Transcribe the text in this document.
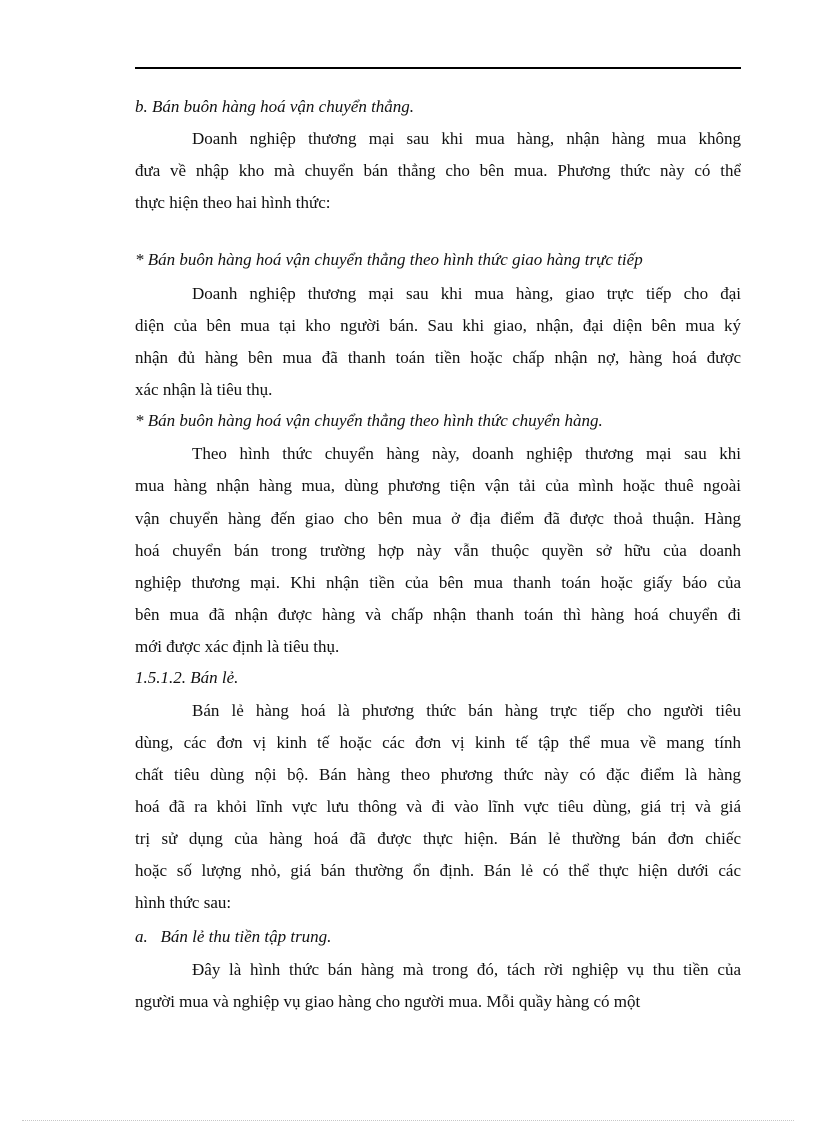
b. Bán buôn hàng hoá vận chuyển thẳng.
Doanh nghiệp thương mại sau khi mua hàng, nhận hàng mua không
đưa về nhập kho mà chuyển bán thẳng cho bên mua. Phương thức này có thể
thực hiện theo hai hình thức:
* Bán buôn hàng hoá vận chuyển thẳng theo hình thức giao hàng trực tiếp
Doanh nghiệp thương mại sau khi mua hàng, giao trực tiếp cho đại
diện của bên mua tại kho người bán. Sau khi giao, nhận, đại diện bên mua ký
nhận đủ hàng bên mua đã thanh toán tiền hoặc chấp nhận nợ, hàng hoá được
xác nhận là tiêu thụ.
* Bán buôn hàng hoá vận chuyển thẳng theo hình thức chuyển hàng.
Theo hình thức chuyển hàng này, doanh nghiệp thương mại sau khi
mua hàng nhận hàng mua, dùng phương tiện vận tải của mình hoặc thuê ngoài
vận chuyển hàng đến giao cho bên mua ở địa điểm đã được thoả thuận. Hàng
hoá chuyển bán trong trường hợp này vẫn thuộc quyền sở hữu của doanh
nghiệp thương mại. Khi nhận tiền của bên mua thanh toán hoặc giấy báo của
bên mua đã nhận được hàng và chấp nhận thanh toán thì hàng hoá chuyển đi
mới được xác định là tiêu thụ.
1.5.1.2. Bán lẻ.
Bán lẻ hàng hoá là phương thức bán hàng trực tiếp cho người tiêu
dùng, các đơn vị kinh tế hoặc các đơn vị kinh tế tập thể mua về mang tính
chất tiêu dùng nội bộ. Bán hàng theo phương thức này có đặc điểm là hàng
hoá đã ra khỏi lĩnh vực lưu thông và đi vào lĩnh vực tiêu dùng, giá trị và giá
trị sử dụng của hàng hoá đã được thực hiện. Bán lẻ thường bán đơn chiếc
hoặc số lượng nhỏ, giá bán thường ổn định. Bán lẻ có thể thực hiện dưới các
hình thức sau:
a.   Bán lẻ thu tiền tập trung.
Đây là hình thức bán hàng mà trong đó, tách rời nghiệp vụ thu tiền của
người mua và nghiệp vụ giao hàng cho người mua. Mỗi quầy hàng có một
